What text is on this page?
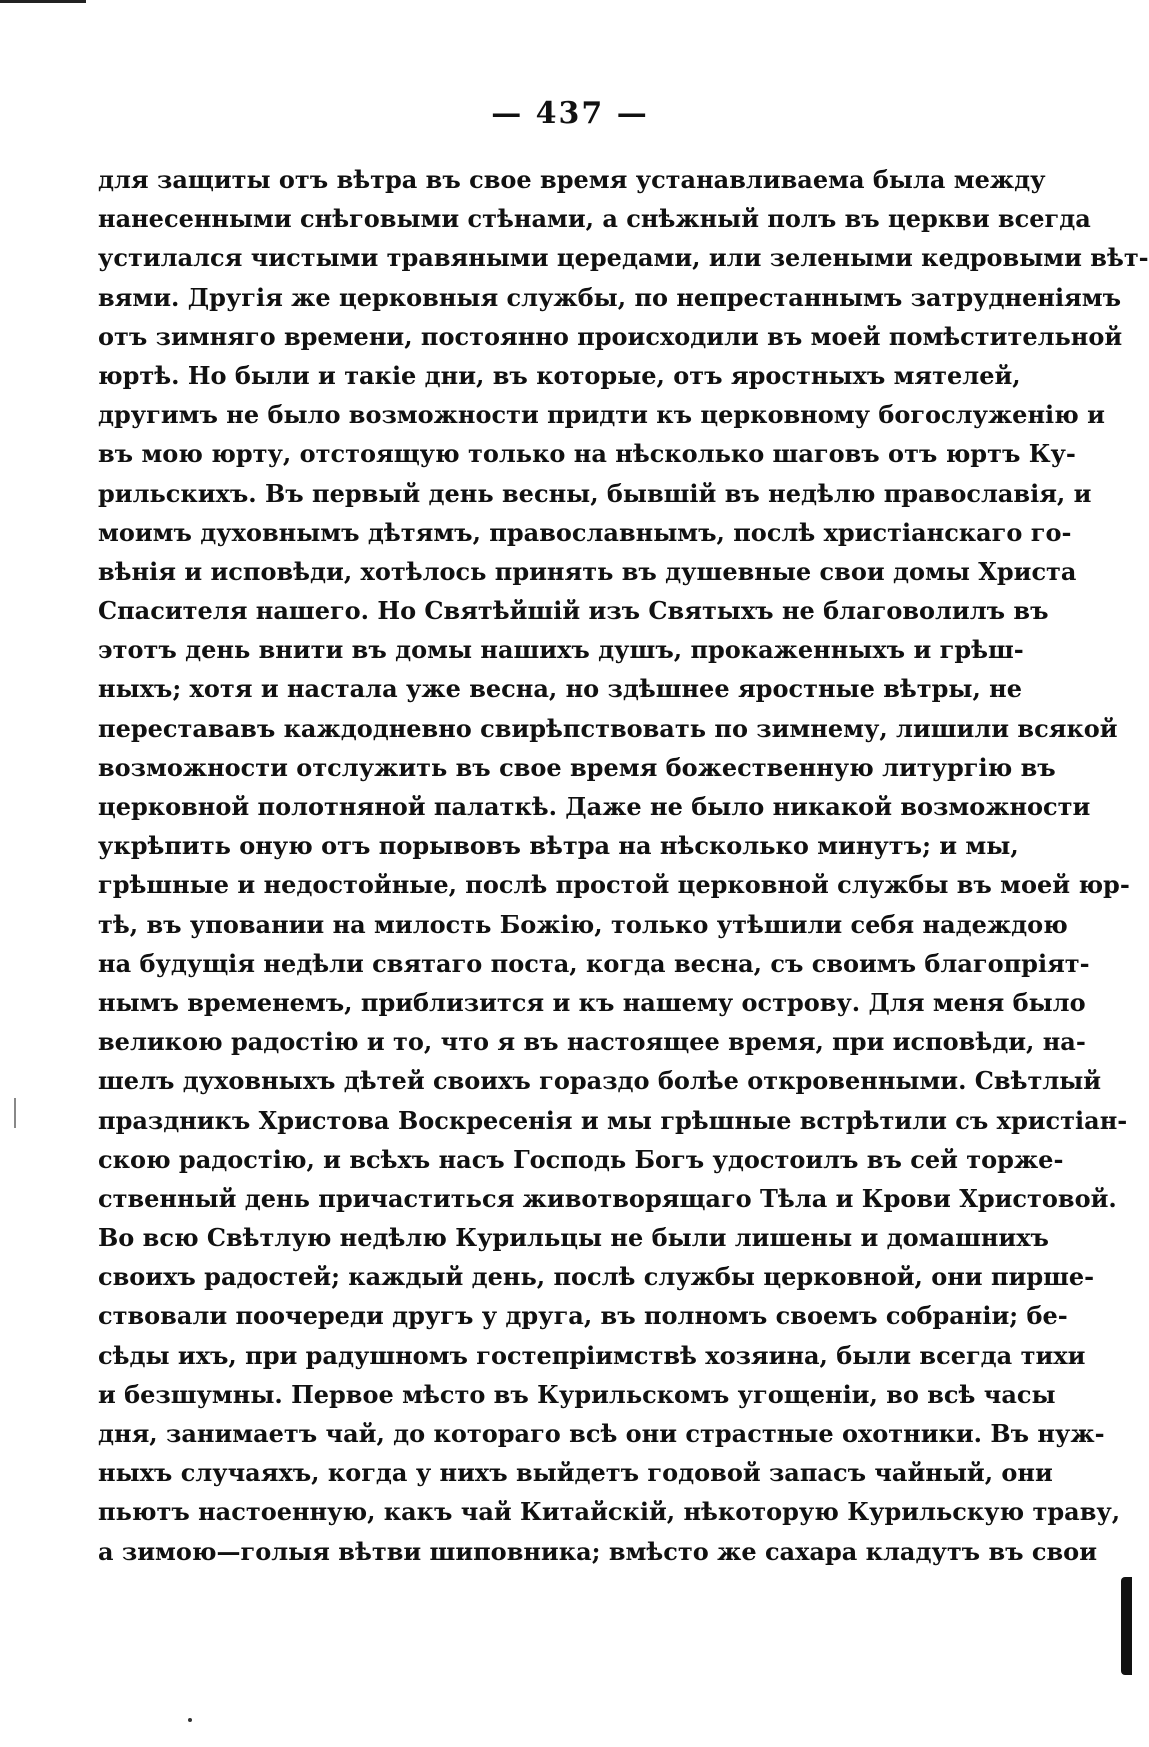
— 437 —
для защиты отъ вѣтра въ свое время устанавливаема была между
нанесенными снѣговыми стѣнами, а снѣжный полъ въ церкви всегда
устилался чистыми травяными цередами, или зелеными кедровыми вѣт-
вями. Другія же церковныя службы, по непрестаннымъ затрудненіямъ
отъ зимняго времени, постоянно происходили въ моей помѣстительной
юртѣ. Но были и такіе дни, въ которые, отъ яростныхъ мятелей,
другимъ не было возможности придти къ церковному богослуженію и
въ мою юрту, отстоящую только на нѣсколько шаговъ отъ юртъ Ку-
рильскихъ. Въ первый день весны, бывшій въ недѣлю православія, и
моимъ духовнымъ дѣтямъ, православнымъ, послѣ христіанскаго го-
вѣнія и исповѣди, хотѣлось принять въ душевные свои домы Христа
Спасителя нашего. Но Святѣйшій изъ Святыхъ не благоволилъ въ
этотъ день внити въ домы нашихъ душъ, прокаженныхъ и грѣш-
ныхъ; хотя и настала уже весна, но здѣшнее яростные вѣтры, не
перестававъ каждодневно свирѣпствовать по зимнему, лишили всякой
возможности отслужить въ свое время божественную литургію въ
церковной полотняной палаткѣ. Даже не было никакой возможности
укрѣпить оную отъ порывовъ вѣтра на нѣсколько минутъ; и мы,
грѣшные и недостойные, послѣ простой церковной службы въ моей юр-
тѣ, въ уповании на милость Божію, только утѣшили себя надеждою
на будущія недѣли святаго поста, когда весна, съ своимъ благопріят-
нымъ временемъ, приблизится и къ нашему острову. Для меня было
великою радостію и то, что я въ настоящее время, при исповѣди, на-
шелъ духовныхъ дѣтей своихъ гораздо болѣе откровенными. Свѣтлый
праздникъ Христова Воскресенія и мы грѣшные встрѣтили съ христіан-
скою радостію, и всѣхъ насъ Господь Богъ удостоилъ въ сей торже-
ственный день причаститься животворящаго Тѣла и Крови Христовой.
Во всю Свѣтлую недѣлю Курильцы не были лишены и домашнихъ
своихъ радостей; каждый день, послѣ службы церковной, они пирше-
ствовали поочереди другъ у друга, въ полномъ своемъ собраніи; бе-
сѣды ихъ, при радушномъ гостепріимствѣ хозяина, были всегда тихи
и безшумны. Первое мѣсто въ Курильскомъ угощеніи, во всѣ часы
дня, занимаетъ чай, до котораго всѣ они страстные охотники. Въ нуж-
ныхъ случаяхъ, когда у нихъ выйдетъ годовой запасъ чайный, они
пьютъ настоенную, какъ чай Китайскій, нѣкоторую Курильскую траву,
а зимою—голыя вѣтви шиповника; вмѣсто же сахара кладутъ въ свои
